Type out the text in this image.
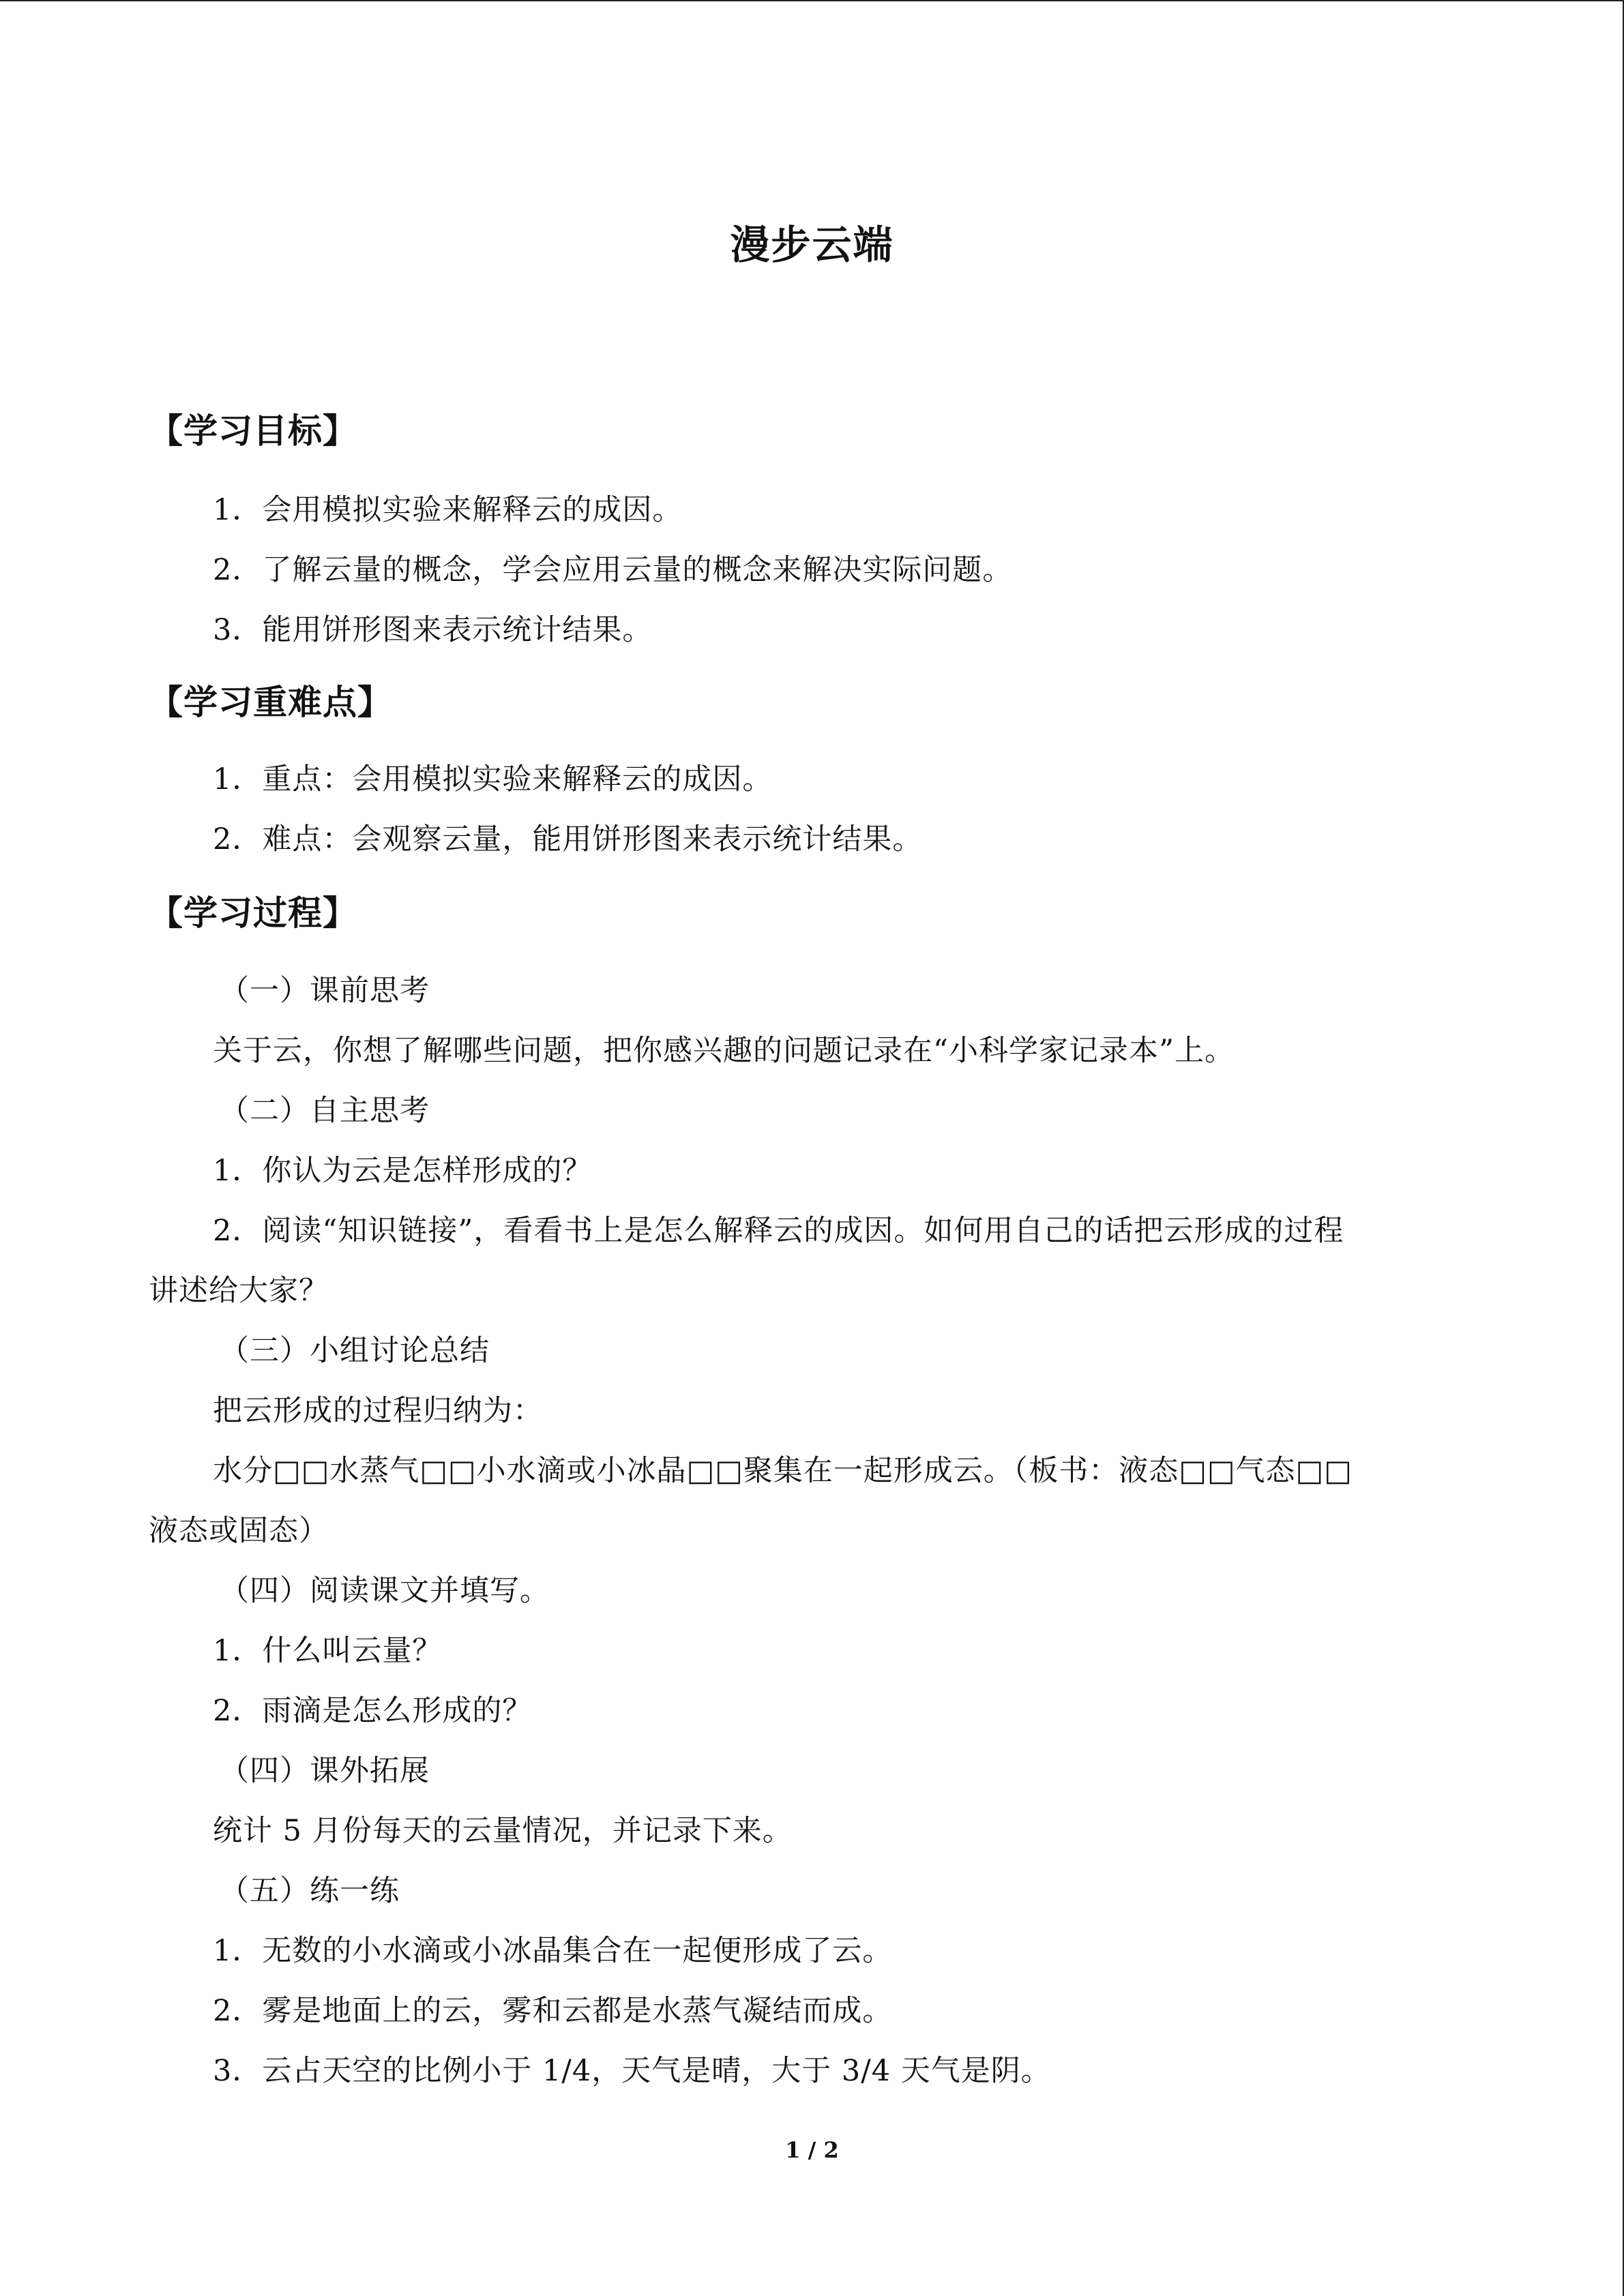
漫步云端
【学习目标】
1．会用模拟实验来解释云的成因。
2．了解云量的概念，学会应用云量的概念来解决实际问题。
3．能用饼形图来表示统计结果。
【学习重难点】
1．重点：会用模拟实验来解释云的成因。
2．难点：会观察云量，能用饼形图来表示统计结果。
【学习过程】
（一）课前思考
关于云，你想了解哪些问题，把你感兴趣的问题记录在“小科学家记录本”上。
（二）自主思考
1．你认为云是怎样形成的？
2．阅读“知识链接”，看看书上是怎么解释云的成因。如何用自己的话把云形成的过程
讲述给大家？
（三）小组讨论总结
把云形成的过程归纳为：
水分□□水蒸气□□小水滴或小冰晶□□聚集在一起形成云。（板书：液态□□气态□□
液态或固态）
（四）阅读课文并填写。
1．什么叫云量？
2．雨滴是怎么形成的？
（四）课外拓展
统计 5 月份每天的云量情况，并记录下来。
（五）练一练
1．无数的小水滴或小冰晶集合在一起便形成了云。
2．雾是地面上的云，雾和云都是水蒸气凝结而成。
3．云占天空的比例小于 1/4，天气是晴，大于 3/4 天气是阴。
1 / 2
